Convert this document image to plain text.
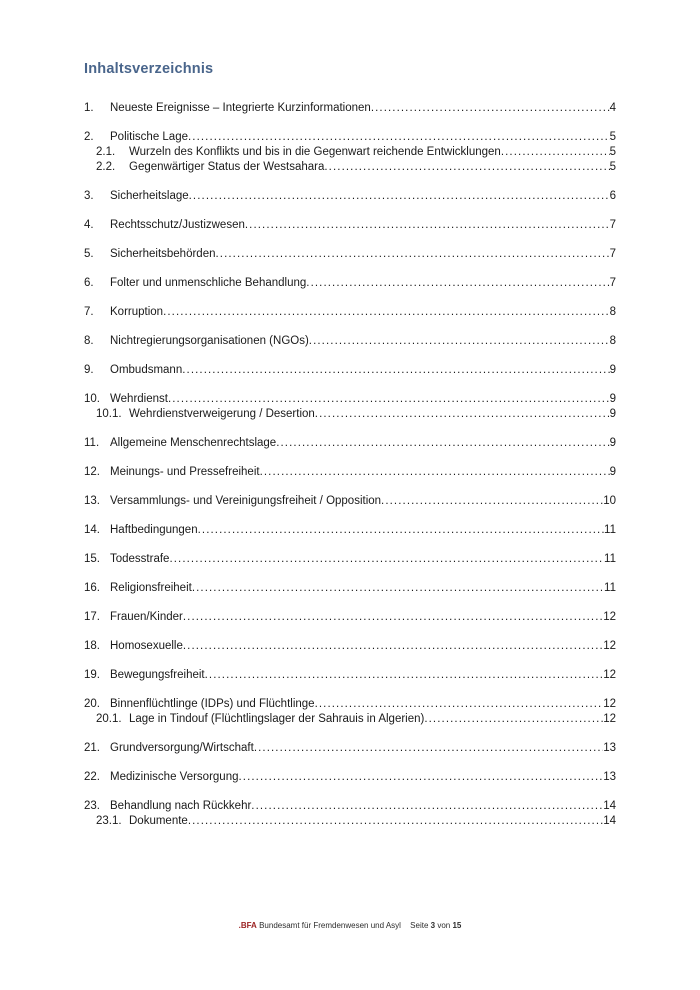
Inhaltsverzeichnis
1.	Neueste Ereignisse – Integrierte Kurzinformationen .....	4
2.	Politische Lage .....	5
2.1.	Wurzeln des Konflikts und bis in die Gegenwart reichende Entwicklungen .....	5
2.2.	Gegenwärtiger Status der Westsahara .....	5
3.	Sicherheitslage .....	6
4.	Rechtsschutz/Justizwesen .....	7
5.	Sicherheitsbehörden .....	7
6.	Folter und unmenschliche Behandlung .....	7
7.	Korruption .....	8
8.	Nichtregierungsorganisationen (NGOs) .....	8
9.	Ombudsmann .....	9
10. Wehrdienst .....	9
10.1. Wehrdienstverweigerung / Desertion .....	9
11. Allgemeine Menschenrechtslage .....	9
12. Meinungs- und Pressefreiheit .....	9
13. Versammlungs- und Vereinigungsfreiheit / Opposition .....	10
14. Haftbedingungen .....	11
15. Todesstrafe .....	11
16. Religionsfreiheit .....	11
17. Frauen/Kinder .....	12
18. Homosexuelle .....	12
19. Bewegungsfreiheit .....	12
20. Binnenflüchtlinge (IDPs) und Flüchtlinge .....	12
20.1. Lage in Tindouf (Flüchtlingslager der Sahrauis in Algerien) .....	12
21. Grundversorgung/Wirtschaft .....	13
22. Medizinische Versorgung .....	13
23. Behandlung nach Rückkehr .....	14
23.1. Dokumente .....	14
.BFA Bundesamt für Fremdenwesen und Asyl Seite 3 von 15
